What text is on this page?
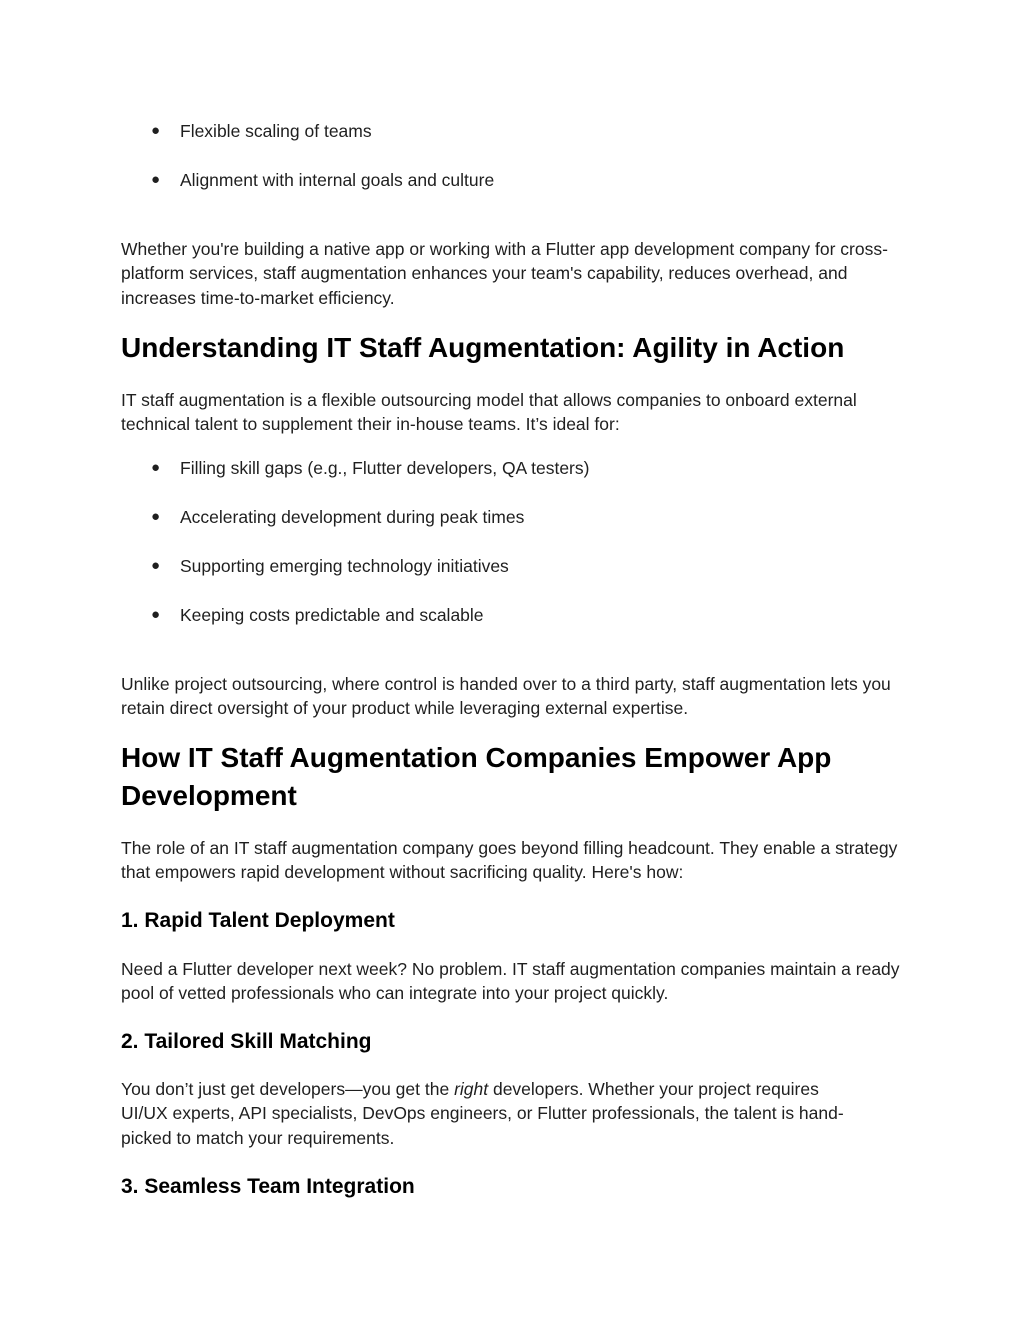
● Flexible scaling of teams
● Alignment with internal goals and culture

Whether you're building a native app or working with a Flutter app development company for cross-platform services, staff augmentation enhances your team's capability, reduces overhead, and increases time-to-market efficiency.

Understanding IT Staff Augmentation: Agility in Action

IT staff augmentation is a flexible outsourcing model that allows companies to onboard external technical talent to supplement their in-house teams. It’s ideal for:

● Filling skill gaps (e.g., Flutter developers, QA testers)
● Accelerating development during peak times
● Supporting emerging technology initiatives
● Keeping costs predictable and scalable

Unlike project outsourcing, where control is handed over to a third party, staff augmentation lets you retain direct oversight of your product while leveraging external expertise.

How IT Staff Augmentation Companies Empower App Development

The role of an IT staff augmentation company goes beyond filling headcount. They enable a strategy that empowers rapid development without sacrificing quality. Here's how:

1. Rapid Talent Deployment

Need a Flutter developer next week? No problem. IT staff augmentation companies maintain a ready pool of vetted professionals who can integrate into your project quickly.

2. Tailored Skill Matching

You don’t just get developers—you get the right developers. Whether your project requires UI/UX experts, API specialists, DevOps engineers, or Flutter professionals, the talent is hand-picked to match your requirements.

3. Seamless Team Integration
